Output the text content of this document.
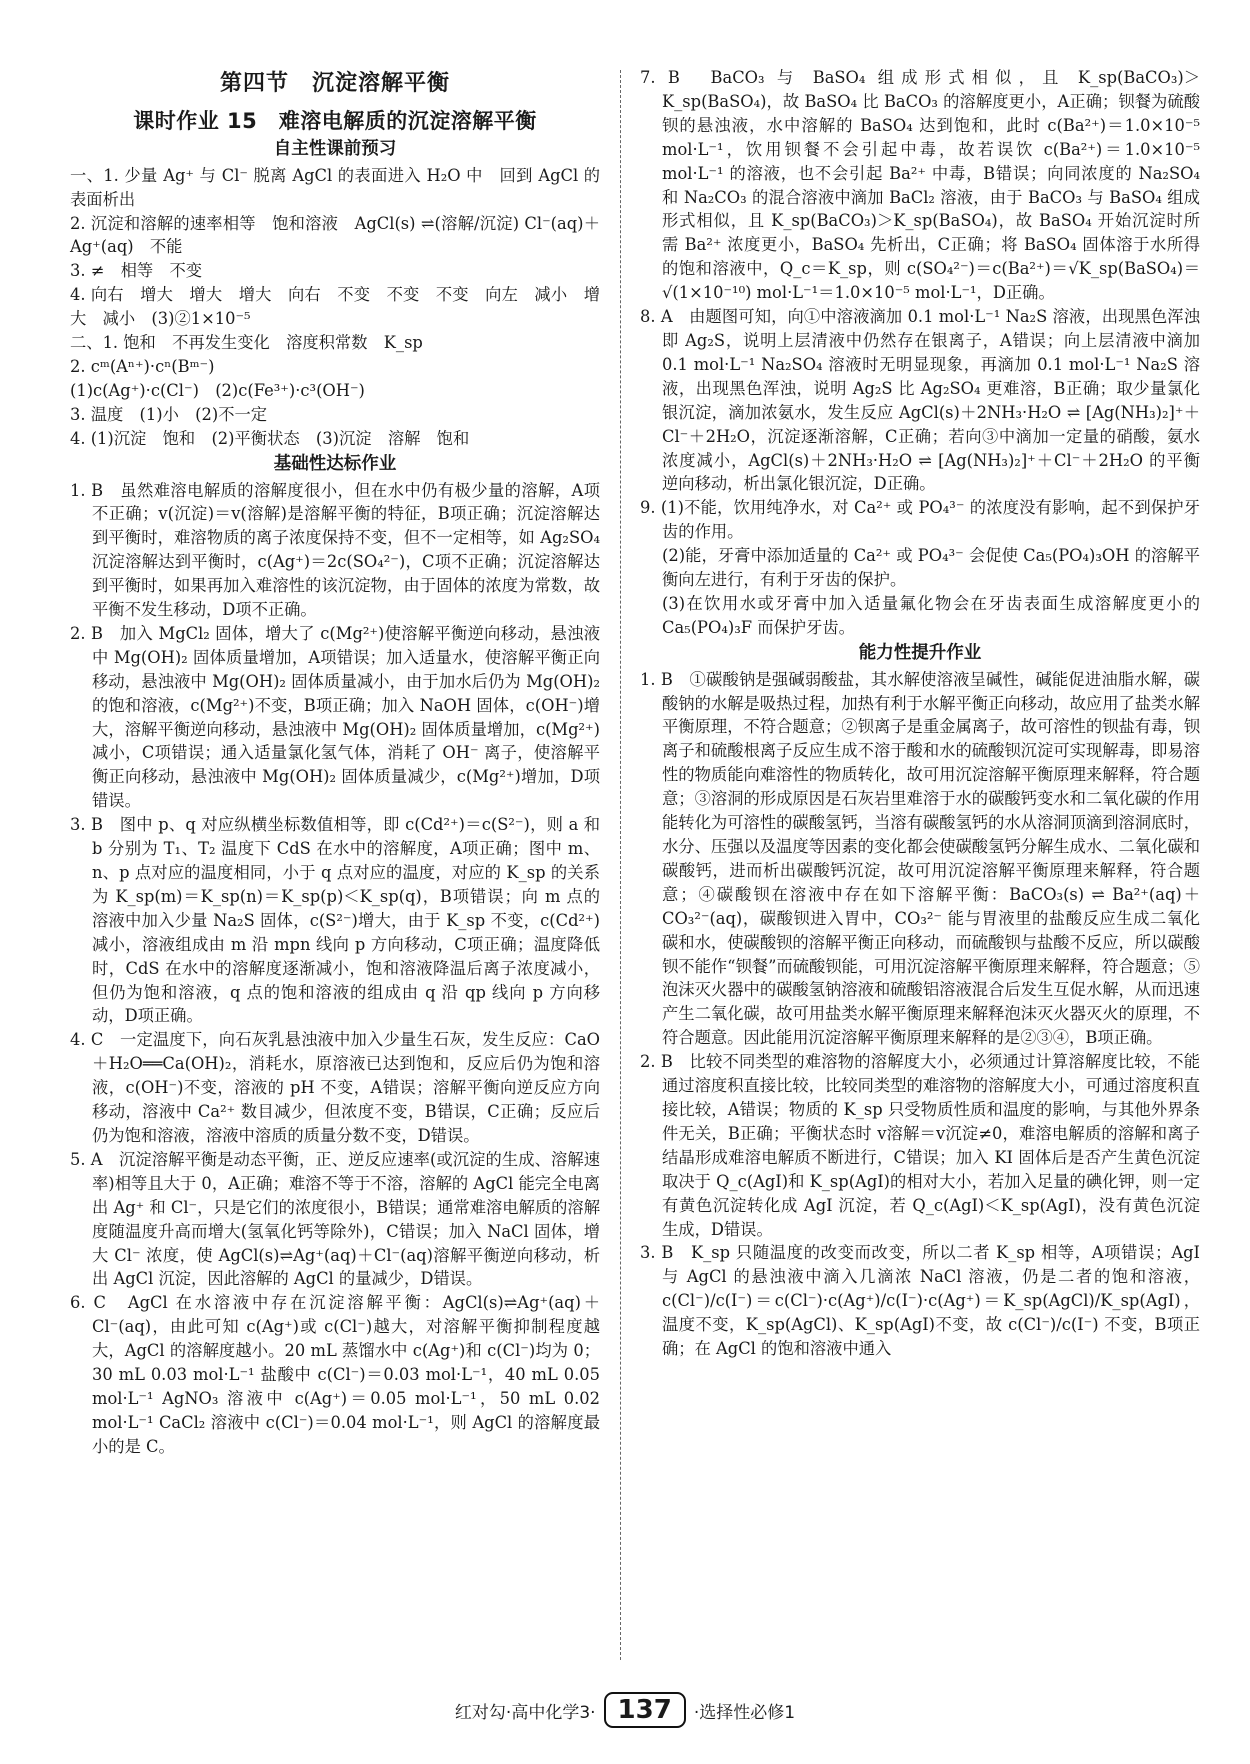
第四节　沉淀溶解平衡
课时作业 15　难溶电解质的沉淀溶解平衡
自主性课前预习

一、1. 少量 Ag⁺ 与 Cl⁻ 脱离 AgCl 的表面进入 H₂O 中　回到 AgCl 的表面析出

2. 沉淀和溶解的速率相等　饱和溶液　AgCl(s) ⇌(溶解/沉淀) Cl⁻(aq)＋Ag⁺(aq)　不能

3. ≠　相等　不变

4. 向右　增大　增大　增大　向右　不变　不变　不变　向左　减小　增大　减小　(3)②1×10⁻⁵

二、1. 饱和　不再发生变化　溶度积常数　K_sp

2. cᵐ(Aⁿ⁺)·cⁿ(Bᵐ⁻)

(1)c(Ag⁺)·c(Cl⁻)　(2)c(Fe³⁺)·c³(OH⁻)

3. 温度　(1)小　(2)不一定

4. (1)沉淀　饱和　(2)平衡状态　(3)沉淀　溶解　饱和

基础性达标作业

1. B　虽然难溶电解质的溶解度很小，但在水中仍有极少量的溶解，A项不正确；v(沉淀)＝v(溶解)是溶解平衡的特征，B项正确；沉淀溶解达到平衡时，难溶物质的离子浓度保持不变，但不一定相等，如 Ag₂SO₄ 沉淀溶解达到平衡时，c(Ag⁺)＝2c(SO₄²⁻)，C项不正确；沉淀溶解达到平衡时，如果再加入难溶性的该沉淀物，由于固体的浓度为常数，故平衡不发生移动，D项不正确。

2. B　加入 MgCl₂ 固体，增大了 c(Mg²⁺)使溶解平衡逆向移动，悬浊液中 Mg(OH)₂ 固体质量增加，A项错误；加入适量水，使溶解平衡正向移动，悬浊液中 Mg(OH)₂ 固体质量减小，由于加水后仍为 Mg(OH)₂ 的饱和溶液，c(Mg²⁺)不变，B项正确；加入 NaOH 固体，c(OH⁻)增大，溶解平衡逆向移动，悬浊液中 Mg(OH)₂ 固体质量增加，c(Mg²⁺)减小，C项错误；通入适量氯化氢气体，消耗了 OH⁻ 离子，使溶解平衡正向移动，悬浊液中 Mg(OH)₂ 固体质量减少，c(Mg²⁺)增加，D项错误。

3. B　图中 p、q 对应纵横坐标数值相等，即 c(Cd²⁺)＝c(S²⁻)，则 a 和 b 分别为 T₁、T₂ 温度下 CdS 在水中的溶解度，A项正确；图中 m、n、p 点对应的温度相同，小于 q 点对应的温度，对应的 K_sp 的关系为 K_sp(m)＝K_sp(n)＝K_sp(p)＜K_sp(q)，B项错误；向 m 点的溶液中加入少量 Na₂S 固体，c(S²⁻)增大，由于 K_sp 不变，c(Cd²⁺)减小，溶液组成由 m 沿 mpn 线向 p 方向移动，C项正确；温度降低时，CdS 在水中的溶解度逐渐减小，饱和溶液降温后离子浓度减小，但仍为饱和溶液，q 点的饱和溶液的组成由 q 沿 qp 线向 p 方向移动，D项正确。

4. C　一定温度下，向石灰乳悬浊液中加入少量生石灰，发生反应：CaO＋H₂O══Ca(OH)₂，消耗水，原溶液已达到饱和，反应后仍为饱和溶液，c(OH⁻)不变，溶液的 pH 不变，A错误；溶解平衡向逆反应方向移动，溶液中 Ca²⁺ 数目减少，但浓度不变，B错误，C正确；反应后仍为饱和溶液，溶液中溶质的质量分数不变，D错误。

5. A　沉淀溶解平衡是动态平衡，正、逆反应速率(或沉淀的生成、溶解速率)相等且大于 0，A正确；难溶不等于不溶，溶解的 AgCl 能完全电离出 Ag⁺ 和 Cl⁻，只是它们的浓度很小，B错误；通常难溶电解质的溶解度随温度升高而增大(氢氧化钙等除外)，C错误；加入 NaCl 固体，增大 Cl⁻ 浓度，使 AgCl(s)⇌Ag⁺(aq)＋Cl⁻(aq)溶解平衡逆向移动，析出 AgCl 沉淀，因此溶解的 AgCl 的量减少，D错误。

6. C　AgCl 在水溶液中存在沉淀溶解平衡：AgCl(s)⇌Ag⁺(aq)＋Cl⁻(aq)，由此可知 c(Ag⁺)或 c(Cl⁻)越大，对溶解平衡抑制程度越大，AgCl 的溶解度越小。20 mL 蒸馏水中 c(Ag⁺)和 c(Cl⁻)均为 0；30 mL 0.03 mol·L⁻¹ 盐酸中 c(Cl⁻)＝0.03 mol·L⁻¹，40 mL 0.05 mol·L⁻¹ AgNO₃ 溶液中 c(Ag⁺)＝0.05 mol·L⁻¹，50 mL 0.02 mol·L⁻¹ CaCl₂ 溶液中 c(Cl⁻)＝0.04 mol·L⁻¹，则 AgCl 的溶解度最小的是 C。

7. B　BaCO₃ 与 BaSO₄ 组成形式相似，且 K_sp(BaCO₃)＞K_sp(BaSO₄)，故 BaSO₄ 比 BaCO₃ 的溶解度更小，A正确；钡餐为硫酸钡的悬浊液，水中溶解的 BaSO₄ 达到饱和，此时 c(Ba²⁺)＝1.0×10⁻⁵ mol·L⁻¹，饮用钡餐不会引起中毒，故若误饮 c(Ba²⁺)＝1.0×10⁻⁵ mol·L⁻¹ 的溶液，也不会引起 Ba²⁺ 中毒，B错误；向同浓度的 Na₂SO₄ 和 Na₂CO₃ 的混合溶液中滴加 BaCl₂ 溶液，由于 BaCO₃ 与 BaSO₄ 组成形式相似，且 K_sp(BaCO₃)＞K_sp(BaSO₄)，故 BaSO₄ 开始沉淀时所需 Ba²⁺ 浓度更小，BaSO₄ 先析出，C正确；将 BaSO₄ 固体溶于水所得的饱和溶液中，Q_c＝K_sp，则 c(SO₄²⁻)＝c(Ba²⁺)＝√K_sp(BaSO₄)＝√(1×10⁻¹⁰) mol·L⁻¹＝1.0×10⁻⁵ mol·L⁻¹，D正确。

8. A　由题图可知，向①中溶液滴加 0.1 mol·L⁻¹ Na₂S 溶液，出现黑色浑浊即 Ag₂S，说明上层清液中仍然存在银离子，A错误；向上层清液中滴加 0.1 mol·L⁻¹ Na₂SO₄ 溶液时无明显现象，再滴加 0.1 mol·L⁻¹ Na₂S 溶液，出现黑色浑浊，说明 Ag₂S 比 Ag₂SO₄ 更难溶，B正确；取少量氯化银沉淀，滴加浓氨水，发生反应 AgCl(s)＋2NH₃·H₂O ⇌ [Ag(NH₃)₂]⁺＋Cl⁻＋2H₂O，沉淀逐渐溶解，C正确；若向③中滴加一定量的硝酸，氨水浓度减小，AgCl(s)＋2NH₃·H₂O ⇌ [Ag(NH₃)₂]⁺＋Cl⁻＋2H₂O 的平衡逆向移动，析出氯化银沉淀，D正确。

9. (1)不能，饮用纯净水，对 Ca²⁺ 或 PO₄³⁻ 的浓度没有影响，起不到保护牙齿的作用。

(2)能，牙膏中添加适量的 Ca²⁺ 或 PO₄³⁻ 会促使 Ca₅(PO₄)₃OH 的溶解平衡向左进行，有利于牙齿的保护。

(3)在饮用水或牙膏中加入适量氟化物会在牙齿表面生成溶解度更小的 Ca₅(PO₄)₃F 而保护牙齿。

能力性提升作业

1. B　①碳酸钠是强碱弱酸盐，其水解使溶液呈碱性，碱能促进油脂水解，碳酸钠的水解是吸热过程，加热有利于水解平衡正向移动，故应用了盐类水解平衡原理，不符合题意；②钡离子是重金属离子，故可溶性的钡盐有毒，钡离子和硫酸根离子反应生成不溶于酸和水的硫酸钡沉淀可实现解毒，即易溶性的物质能向难溶性的物质转化，故可用沉淀溶解平衡原理来解释，符合题意；③溶洞的形成原因是石灰岩里难溶于水的碳酸钙变水和二氧化碳的作用能转化为可溶性的碳酸氢钙，当溶有碳酸氢钙的水从溶洞顶滴到溶洞底时，水分、压强以及温度等因素的变化都会使碳酸氢钙分解生成水、二氧化碳和碳酸钙，进而析出碳酸钙沉淀，故可用沉淀溶解平衡原理来解释，符合题意；④碳酸钡在溶液中存在如下溶解平衡：BaCO₃(s) ⇌ Ba²⁺(aq)＋CO₃²⁻(aq)，碳酸钡进入胃中，CO₃²⁻ 能与胃液里的盐酸反应生成二氧化碳和水，使碳酸钡的溶解平衡正向移动，而硫酸钡与盐酸不反应，所以碳酸钡不能作“钡餐”而硫酸钡能，可用沉淀溶解平衡原理来解释，符合题意；⑤泡沫灭火器中的碳酸氢钠溶液和硫酸铝溶液混合后发生互促水解，从而迅速产生二氧化碳，故可用盐类水解平衡原理来解释泡沫灭火器灭火的原理，不符合题意。因此能用沉淀溶解平衡原理来解释的是②③④，B项正确。

2. B　比较不同类型的难溶物的溶解度大小，必须通过计算溶解度比较，不能通过溶度积直接比较，比较同类型的难溶物的溶解度大小，可通过溶度积直接比较，A错误；物质的 K_sp 只受物质性质和温度的影响，与其他外界条件无关，B正确；平衡状态时 v溶解＝v沉淀≠0，难溶电解质的溶解和离子结晶形成难溶电解质不断进行，C错误；加入 KI 固体后是否产生黄色沉淀取决于 Q_c(AgI)和 K_sp(AgI)的相对大小，若加入足量的碘化钾，则一定有黄色沉淀转化成 AgI 沉淀，若 Q_c(AgI)＜K_sp(AgI)，没有黄色沉淀生成，D错误。

3. B　K_sp 只随温度的改变而改变，所以二者 K_sp 相等，A项错误；AgI 与 AgCl 的悬浊液中滴入几滴浓 NaCl 溶液，仍是二者的饱和溶液，c(Cl⁻)/c(I⁻)＝c(Cl⁻)·c(Ag⁺)/c(I⁻)·c(Ag⁺)＝K_sp(AgCl)/K_sp(AgI)，温度不变，K_sp(AgCl)、K_sp(AgI)不变，故 c(Cl⁻)/c(I⁻) 不变，B项正确；在 AgCl 的饱和溶液中通入

红对勾·高中化学3· 137	·选择性必修1
